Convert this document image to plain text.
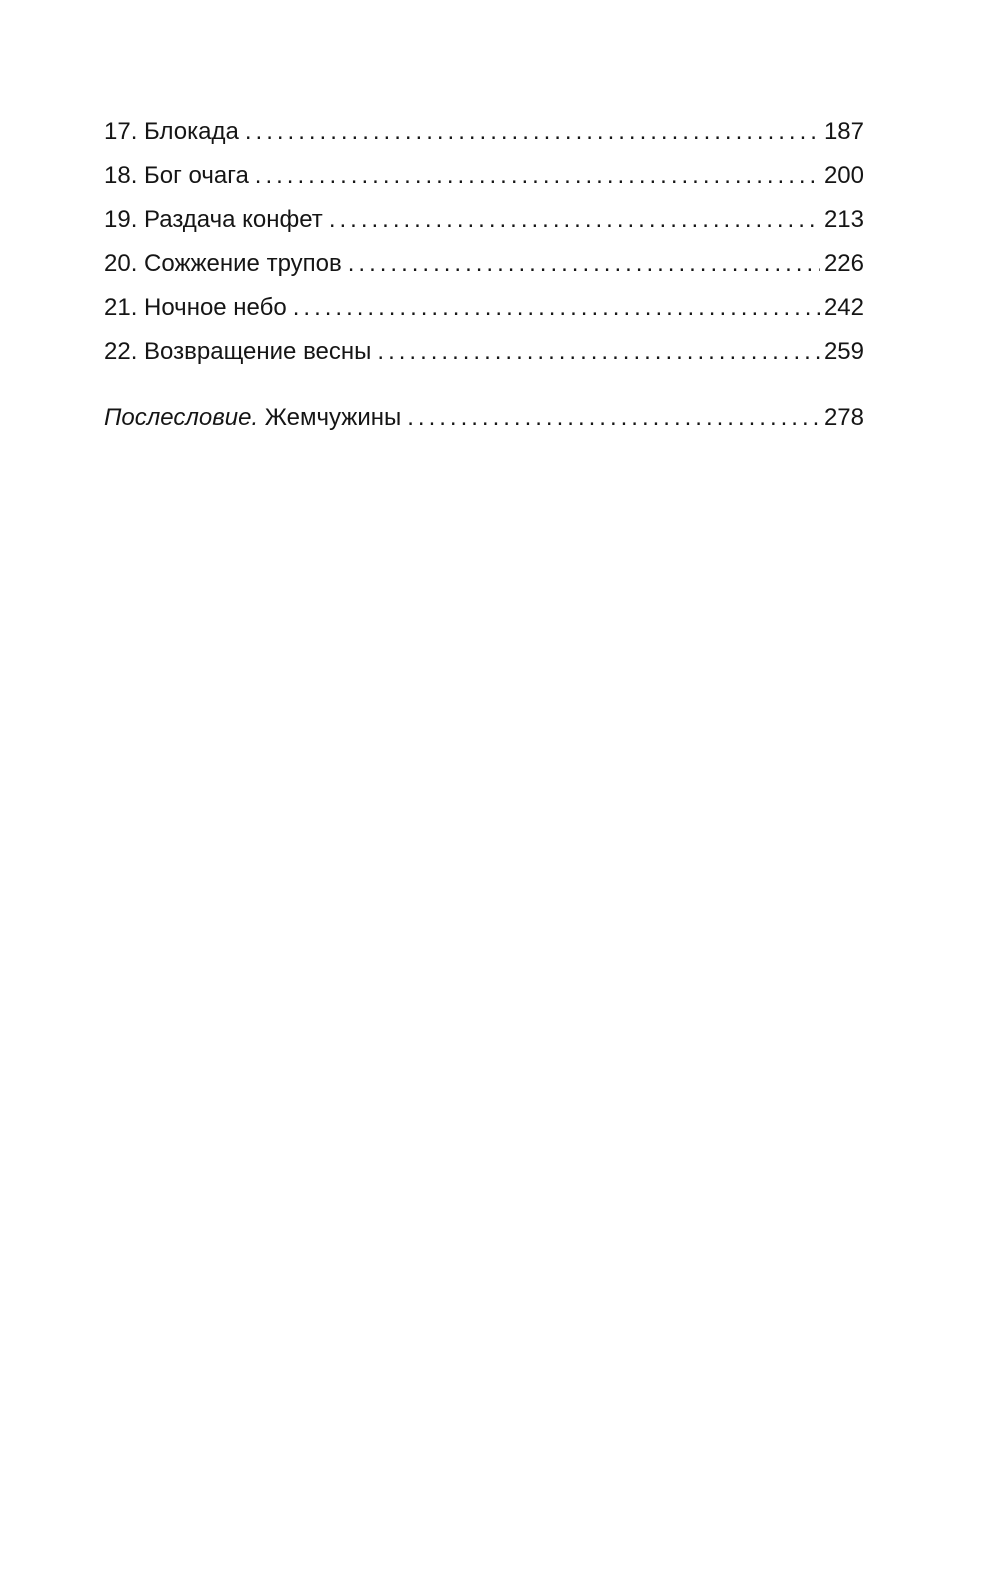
17. Блокада .....	187
18. Бог очага .....	200
19. Раздача конфет .....	213
20. Сожжение трупов .....	226
21. Ночное небо .....	242
22. Возвращение весны .....	259
Послесловие. Жемчужины .....	278
